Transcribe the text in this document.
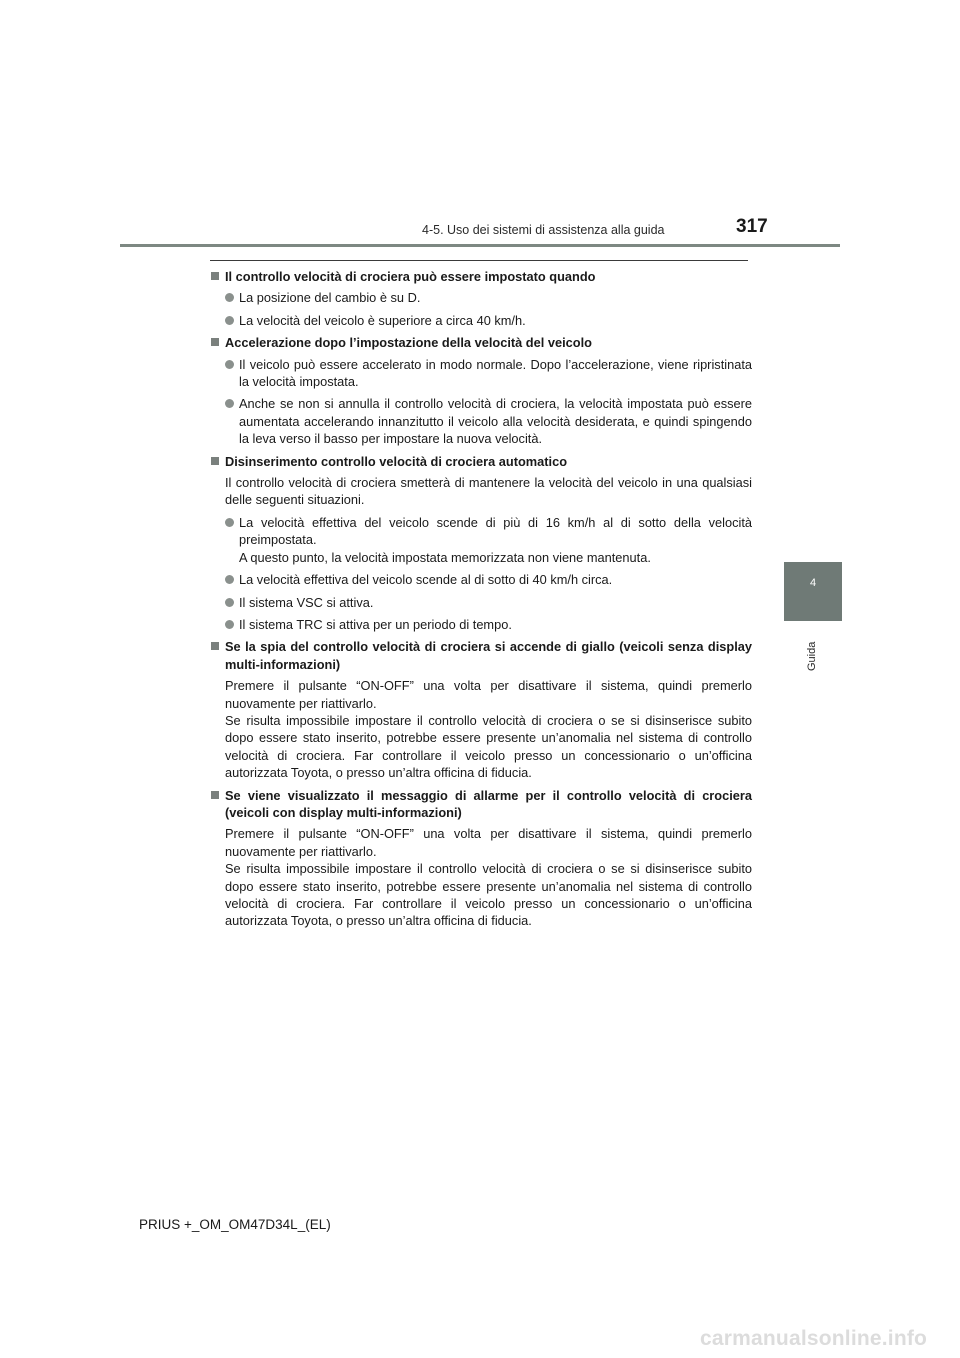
4-5. Uso dei sistemi di assistenza alla guida	317
4
Guida
Il controllo velocità di crociera può essere impostato quando

La posizione del cambio è su D.

La velocità del veicolo è superiore a circa 40 km/h.

Accelerazione dopo l’impostazione della velocità del veicolo

Il veicolo può essere accelerato in modo normale. Dopo l’accelerazione, viene ripristinata la velocità impostata.

Anche se non si annulla il controllo velocità di crociera, la velocità impostata può essere aumentata accelerando innanzitutto il veicolo alla velocità desiderata, e quindi spingendo la leva verso il basso per impostare la nuova velocità.

Disinserimento controllo velocità di crociera automatico

Il controllo velocità di crociera smetterà di mantenere la velocità del veicolo in una qualsiasi delle seguenti situazioni.

La velocità effettiva del veicolo scende di più di 16 km/h al di sotto della velocità preimpostata.

A questo punto, la velocità impostata memorizzata non viene mantenuta.

La velocità effettiva del veicolo scende al di sotto di 40 km/h circa.

Il sistema VSC si attiva.

Il sistema TRC si attiva per un periodo di tempo.

Se la spia del controllo velocità di crociera si accende di giallo (veicoli senza display multi-informazioni)

Premere il pulsante “ON-OFF” una volta per disattivare il sistema, quindi premerlo nuovamente per riattivarlo.

Se risulta impossibile impostare il controllo velocità di crociera o se si disinserisce subito dopo essere stato inserito, potrebbe essere presente un’anomalia nel sistema di controllo velocità di crociera. Far controllare il veicolo presso un concessionario o un’officina autorizzata Toyota, o presso un’altra officina di fiducia.

Se viene visualizzato il messaggio di allarme per il controllo velocità di crociera (veicoli con display multi-informazioni)

Premere il pulsante “ON-OFF” una volta per disattivare il sistema, quindi premerlo nuovamente per riattivarlo.

Se risulta impossibile impostare il controllo velocità di crociera o se si disinserisce subito dopo essere stato inserito, potrebbe essere presente un’anomalia nel sistema di controllo velocità di crociera. Far controllare il veicolo presso un concessionario o un’officina autorizzata Toyota, o presso un’altra officina di fiducia.

PRIUS +_OM_OM47D34L_(EL)
carmanualsonline.info
